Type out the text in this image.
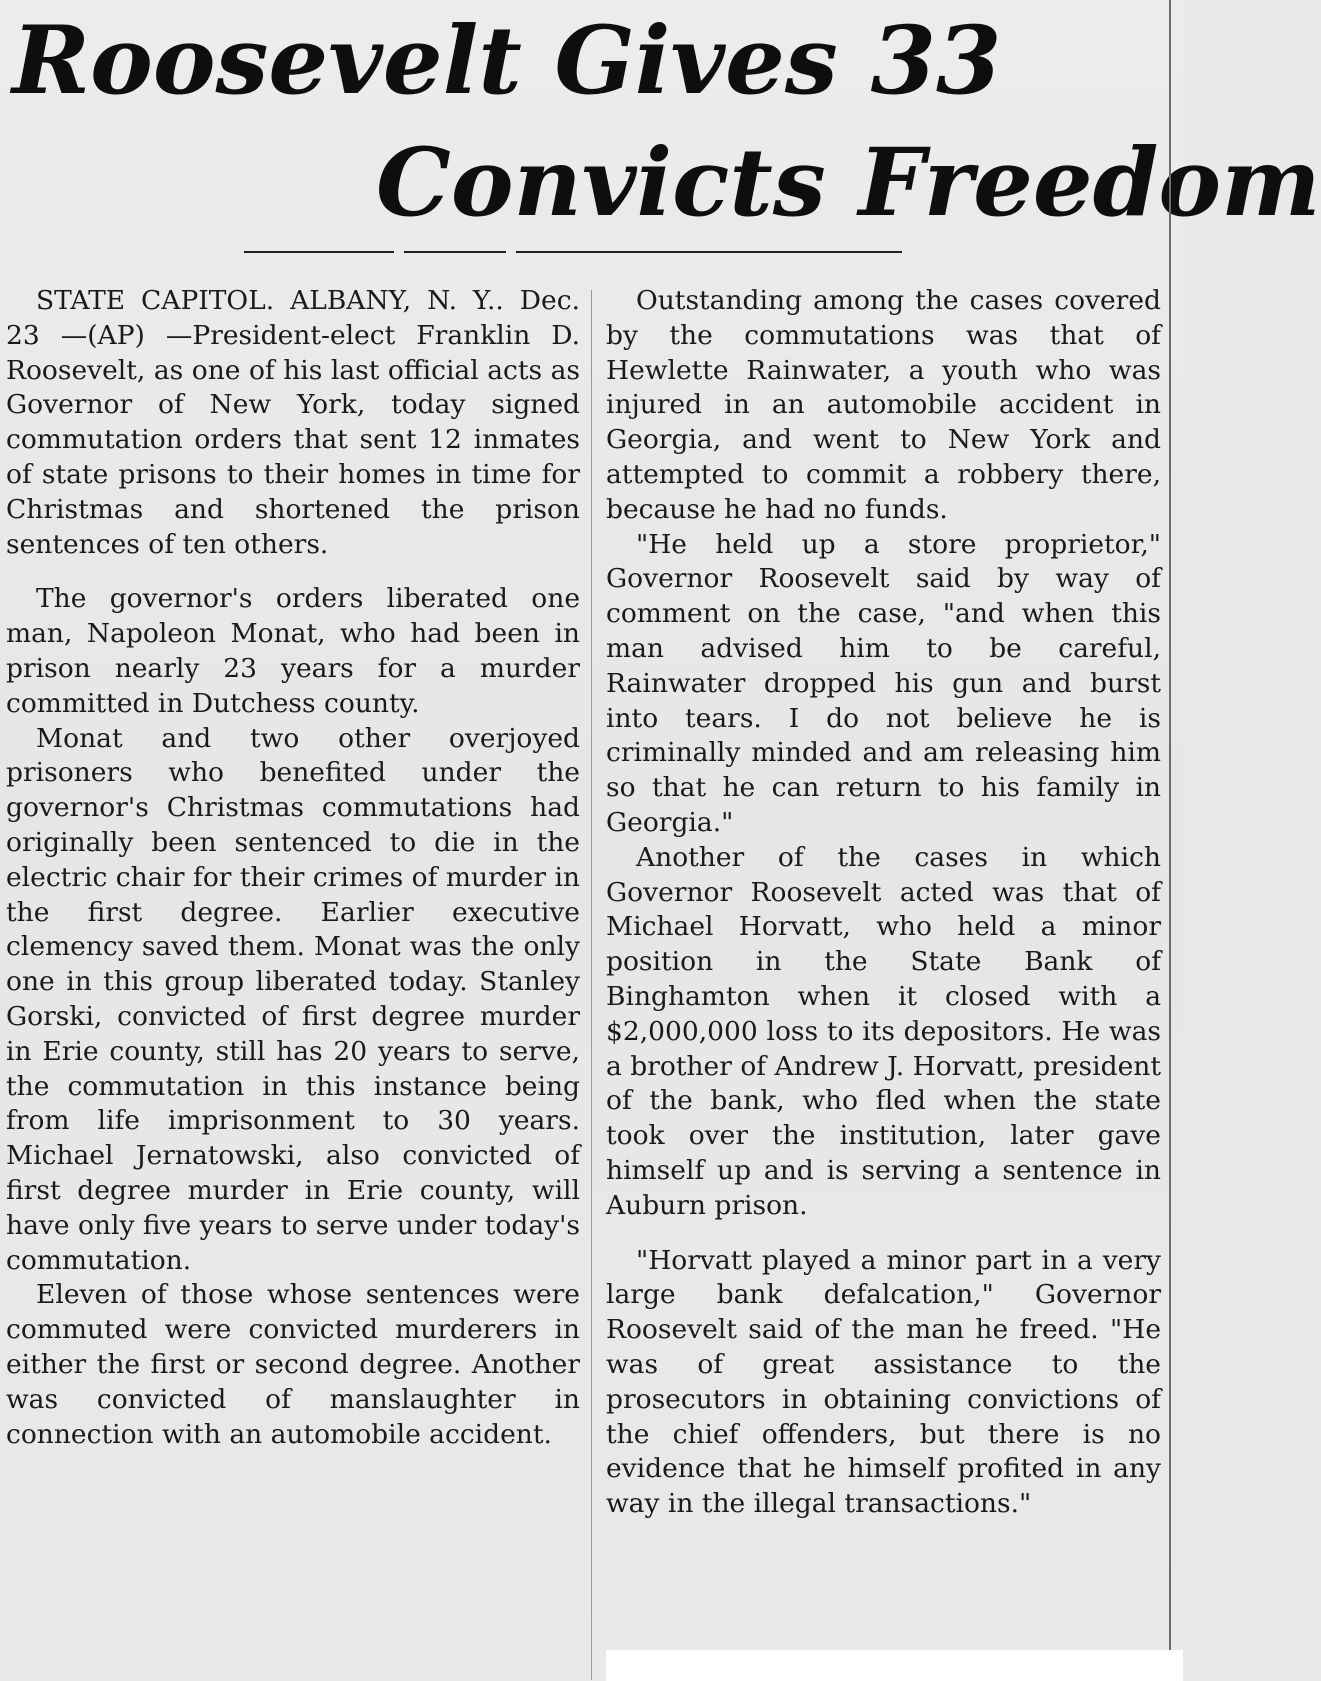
Roosevelt Gives 33
Convicts Freedom

STATE CAPITOL. ALBANY, N. Y.. Dec. 23 —(AP) —President-elect Franklin D. Roosevelt, as one of his last official acts as Governor of New York, today signed commutation orders that sent 12 inmates of state prisons to their homes in time for Christmas and shortened the prison sentences of ten others.

The governor's orders liberated one man, Napoleon Monat, who had been in prison nearly 23 years for a murder committed in Dutchess county.

Monat and two other overjoyed prisoners who benefited under the governor's Christmas commutations had originally been sentenced to die in the electric chair for their crimes of murder in the first degree. Earlier executive clemency saved them. Monat was the only one in this group liberated today. Stanley Gorski, convicted of first degree murder in Erie county, still has 20 years to serve, the commutation in this instance being from life imprisonment to 30 years. Michael Jernatowski, also convicted of first degree murder in Erie county, will have only five years to serve under today's commutation.

Eleven of those whose sentences were commuted were convicted murderers in either the first or second degree. Another was convicted of manslaughter in connection with an automobile accident.

Outstanding among the cases covered by the commutations was that of Hewlette Rainwater, a youth who was injured in an automobile accident in Georgia, and went to New York and attempted to commit a robbery there, because he had no funds.

"He held up a store proprietor," Governor Roosevelt said by way of comment on the case, "and when this man advised him to be careful, Rainwater dropped his gun and burst into tears. I do not believe he is criminally minded and am releasing him so that he can return to his family in Georgia."

Another of the cases in which Governor Roosevelt acted was that of Michael Horvatt, who held a minor position in the State Bank of Binghamton when it closed with a $2,000,000 loss to its depositors. He was a brother of Andrew J. Horvatt, president of the bank, who fled when the state took over the institution, later gave himself up and is serving a sentence in Auburn prison.

"Horvatt played a minor part in a very large bank defalcation," Governor Roosevelt said of the man he freed. "He was of great assistance to the prosecutors in obtaining convictions of the chief offenders, but there is no evidence that he himself profited in any way in the illegal transactions."
